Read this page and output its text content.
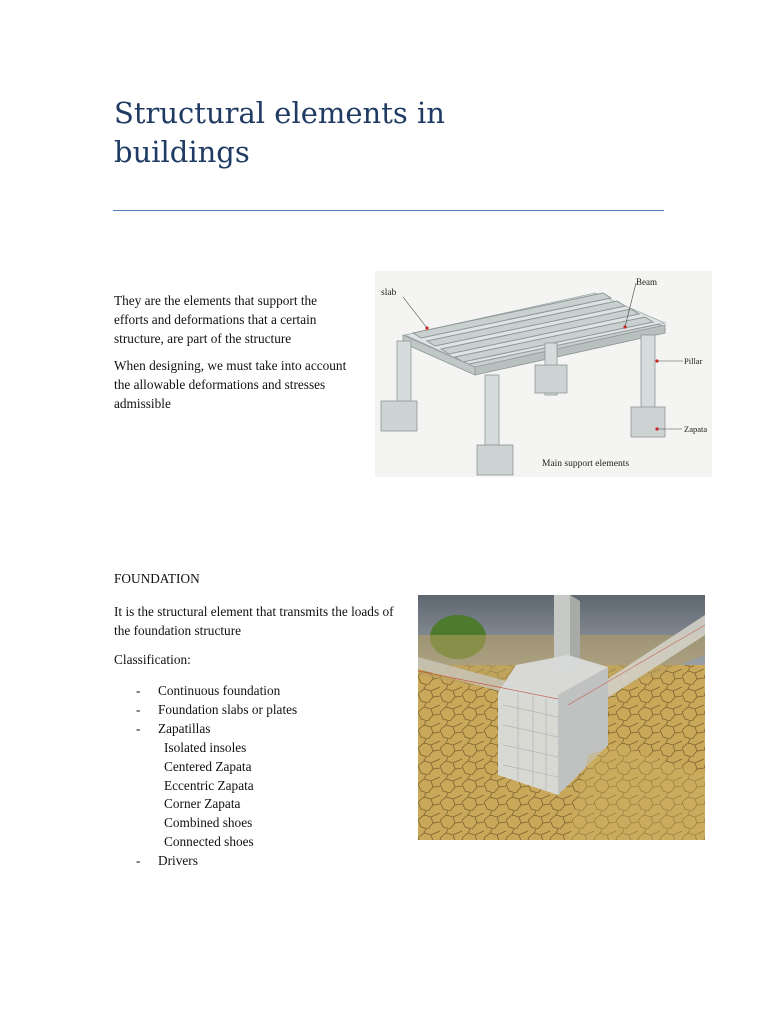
Structural elements in
buildings

They are the elements that support the efforts and deformations that a certain structure, are part of the structure

When designing, we must take into account the allowable deformations and stresses admissible

slab
Beam
Pillar
Zapata
Main support elements
FOUNDATION

It is the structural element that transmits the loads of the foundation structure

Classification:

- Continuous foundation
- Foundation slabs or plates
- Zapatillas
Isolated insoles
Centered Zapata
Eccentric Zapata
Corner Zapata
Combined shoes
Connected shoes
- Drivers
